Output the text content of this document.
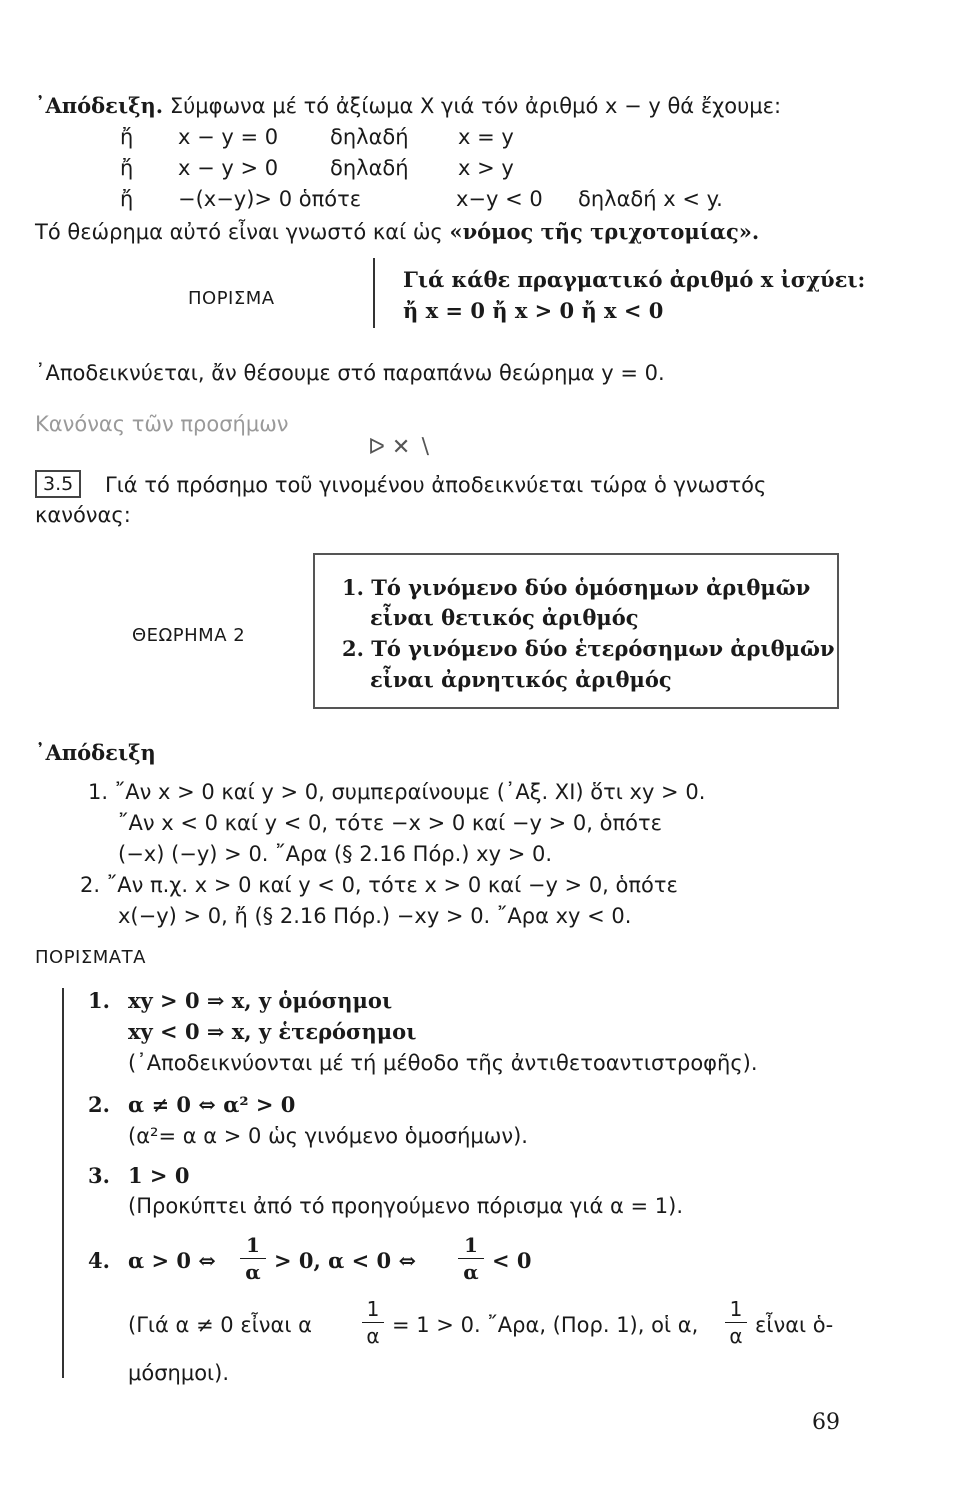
᾿Απόδειξη. Σύμφωνα μέ τό ἀξίωμα Χ γιά τόν ἀριθμό x − y θά ἔχουμε:
ἤ x − y = 0 δηλαδή x = y
ἤ x − y > 0 δηλαδή x > y
ἤ −(x−y)> 0 ὁπότε	x−y < 0 δηλαδή x < y.
Τό θεώρημα αὐτό εἶναι γνωστό καί ὡς «νόμος τῆς τριχοτομίας».
ΠΟΡΙΣΜΑ
Γιά κάθε πραγματικό ἀριθμό x ἰσχύει:
ἤ x = 0 ἤ x > 0 ἤ x < 0
᾿Αποδεικνύεται, ἄν θέσουμε στό παραπάνω θεώρημα y = 0.
Κανόνας τῶν προσήμων
ᐅ ✕ ∖
3.5	Γιά τό πρόσημο τοῦ γινομένου ἀποδεικνύεται τώρα ὁ γνωστός
κανόνας:
ΘΕΩΡΗΜΑ 2
1. Τό γινόμενο δύο ὁμόσημων ἀριθμῶν
εἶναι θετικός ἀριθμός
2. Τό γινόμενο δύο ἑτερόσημων ἀριθμῶν
εἶναι ἀρνητικός ἀριθμός
᾿Απόδειξη
1. ῎Αν x > 0 καί y > 0, συμπεραίνουμε (᾿Αξ. ΧΙ) ὅτι xy > 0.
῎Αν x < 0 καί y < 0, τότε −x > 0 καί −y > 0, ὁπότε
(−x) (−y) > 0. ῎Αρα (§ 2.16 Πόρ.) xy > 0.
2. ῎Αν π.χ. x > 0 καί y < 0, τότε x > 0 καί −y > 0, ὁπότε
x(−y) > 0, ἤ (§ 2.16 Πόρ.) −xy > 0. ῎Αρα xy < 0.
ΠΟΡΙΣΜΑΤΑ
1. xy > 0 ⇒ x, y ὁμόσημοι
xy < 0 ⇒ x, y ἑτερόσημοι
(᾿Αποδεικνύονται μέ τή μέθοδο τῆς ἀντιθετοαντιστροφῆς).
2. α ≠ 0 ⇔ α² > 0
(α²= α α > 0 ὡς γινόμενο ὁμοσήμων).
3. 1 > 0
(Προκύπτει ἀπό τό προηγούμενο πόρισμα γιά α = 1).
4. α > 0 ⇔
1
α > 0, α < 0 ⇔
1
α < 0
(Γιά α ≠ 0 εἶναι α
1
α = 1 > 0. ῎Αρα, (Πορ. 1), οἱ α,
1
α εἶναι ὁ-
μόσημοι).
69
